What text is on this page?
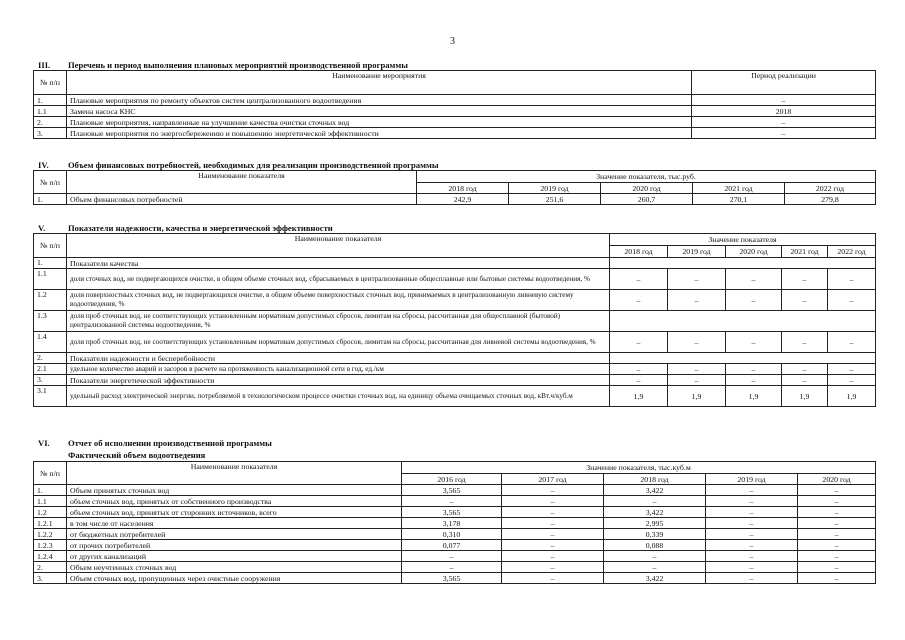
3
III. Перечень и период выполнения плановых мероприятий производственной программы
№ п/п	Наименование мероприятия	Период реализации
1.	Плановые мероприятия по ремонту объектов систем централизованного водоотведения	–
1.1	Замена насоса КНС	2018
2.	Плановые мероприятия, направленные на улучшение качества очистки сточных вод	–
3.	Плановые мероприятия по энергосбережению и повышению энергетической эффективности	–
IV. Объем финансовых потребностей, необходимых для реализации производственной программы
№ п/п	Наименование показателя	Значение показателя, тыс.руб.				
		2018 год	2019 год	2020 год	2021 год	2022 год
1.	Объем финансовых потребностей	242,9	251,6	260,7	270,1	279,8
V.	Показатели надежности, качества и энергетической эффективности
№ п/п	Наименование показателя	Значение показателя				
		2018 год	2019 год	2020 год	2021 год	2022 год
1.	Показатели качества					
1.1	доля сточных вод, не подвергающихся очистке, в общем объеме сточных вод, сбрасываемых в централизованные общесплавные или бытовые системы водоотведения, %	–	–	–	–	–
1.2	доля поверхностных сточных вод, не подвергающихся очистке, в общем объеме поверхностных сточных вод, принимаемых в централизованную ливневую систему водоотведения, %	–	–	–	–	–
1.3	доля проб сточных вод, не соответствующих установленным нормативам допустимых сбросов, лимитам на сбросы, рассчитанная для общесплавной (бытовой) централизованной системы водоотведения, %					
1.4	доля проб сточных вод, не соответствующих установленным нормативам допустимых сбросов, лимитам на сбросы, рассчитанная для ливневой системы водоотведения, %	–	–	–	–	–
2.	Показатели надежности и бесперебойности					
2.1	удельное количество аварий и засоров в расчете на протяженность канализационной сети в год, ед./км	–	–	–	–	–
3.	Показатели энергетической эффективности	–	–	–	–	–
3.1	удельный расход электрической энергии, потребляемой в технологическом процессе очистки сточных вод, на единицу объема очищаемых сточных вод, кВт.ч/куб.м	1,9	1,9	1,9	1,9	1,9
VI. Отчет об исполнении производственной программы
Фактический объем водоотведения
№ п/п	Наименование показателя	Значение показателя, тыс.куб.м				
		2016 год	2017 год	2018 год	2019 год	2020 год
1.	Объем принятых сточных вод	3,565	–	3,422	–	–
1.1	объем сточных вод, принятых от собственного производства	–	–	–	–	–
1.2	объем сточных вод, принятых от сторонних источников, всего	3,565	–	3,422	–	–
1.2.1	в том числе от населения	3,178	–	2,995	–	–
1.2.2	от бюджетных потребителей	0,310	–	0,339	–	–
1.2.3	от прочих потребителей	0,077	–	0,088	–	–
1.2.4	от других канализаций	–	–	–	–	–
2.	Объем неучтенных сточных вод	–	–	–	–	–
3.	Объем сточных вод, пропущенных через очистные сооружения	3,565	–	3,422	–	–
